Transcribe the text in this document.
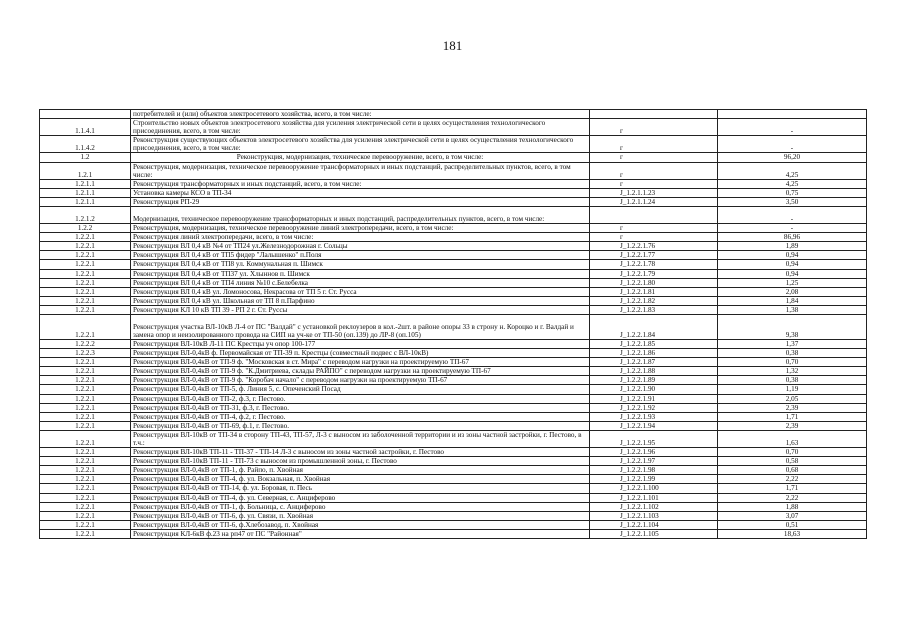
181
	потребителей и (или) объектов электросетевого хозяйства, всего, в том числе:		
1.1.4.1	Строительство новых объектов электросетевого хозяйства для усиления электрической сети в целях осуществления технологического присоединения, всего, в том числе:	г	-
1.1.4.2	Реконструкция существующих объектов электросетевого хозяйства для усиления электрической сети в целях осуществления технологического присоединения, всего, в том числе:	г	-
1.2	Реконструкция, модернизация, техническое перевооружение, всего, в том числе:	г	96,20
1.2.1	Реконструкция, модернизация, техническое перевооружение трансформаторных и иных подстанций, распределительных пунктов, всего, в том числе:	г	4,25
1.2.1.1	Реконструкция трансформаторных и иных подстанций, всего, в том числе:	г	4,25
1.2.1.1	Установка камеры КСО в ТП-34	J_1.2.1.1.23	0,75
1.2.1.1	Реконструкция РП-29	J_1.2.1.1.24	3,50
1.2.1.2	Модернизация, техническое перевооружение трансформаторных и иных подстанций, распределительных пунктов, всего, в том числе:		-
1.2.2	Реконструкция, модернизация, техническое перевооружение линий электропередачи, всего, в том числе:	г	-
1.2.2.1	Реконструкция линий электропередачи, всего, в том числе:	г	86,96
1.2.2.1	Реконструкция ВЛ 0,4 кВ №4 от ТП24 ул.Железнодорожная г. Сольцы	J_1.2.2.1.76	1,89
1.2.2.1	Реконструкция ВЛ 0,4 кВ от ТП5 фидер "Лалышенко" п.Поля	J_1.2.2.1.77	0,94
1.2.2.1	Реконструкция ВЛ 0,4 кВ от ТП8 ул. Коммунальная п. Шимск	J_1.2.2.1.78	0,94
1.2.2.1	Реконструкция ВЛ 0,4 кВ от ТП37 ул. Хлыннов п. Шимск	J_1.2.2.1.79	0,94
1.2.2.1	Реконструкция ВЛ 0,4 кВ от ТП4 линия №10 с.Белебелка	J_1.2.2.1.80	1,25
1.2.2.1	Реконструкция ВЛ 0,4 кВ ул. Ломоносова, Некрасова от ТП 5 г. Ст. Русса	J_1.2.2.1.81	2,08
1.2.2.1	Реконструкция ВЛ 0,4 кВ ул. Школьная от ТП 8 п.Парфино	J_1.2.2.1.82	1,84
1.2.2.1	Реконструкция КЛ 10 кВ ТП 39 - РП 2 г. Ст. Руссы	J_1.2.2.1.83	1,38
1.2.2.1	Реконструкция участка ВЛ-10кВ Л-4 от ПС "Валдай" с установкой реклоузеров в кол.-2шт. в районе опоры 33 в строну н. Короцко и г. Валдай и замена опор и неизолированного провода на СИП на уч-ке от ТП-50 (оп.139) до ЛР-8 (оп.105)	J_1.2.2.1.84	9,38
1.2.2.2	Реконструкция ВЛ-10кВ Л-11 ПС Крестцы уч опор 100-177	J_1.2.2.1.85	1,37
1.2.2.3	Реконструкция ВЛ-0,4кВ ф. Первомайская от ТП-39 п. Крестцы (совместный подвес с ВЛ-10кВ)	J_1.2.2.1.86	0,38
1.2.2.1	Реконструкция ВЛ-0,4кВ от ТП-9 ф. "Московская в ст. Мира" с переводом нагрузки на проектируемую ТП-67	J_1.2.2.1.87	0,70
1.2.2.1	Реконструкция ВЛ-0,4кВ от ТП-9 ф. "К.Дмитриева, склады РАЙПО" с переводом нагрузки на проектируемую ТП-67	J_1.2.2.1.88	1,32
1.2.2.1	Реконструкция ВЛ-0,4кВ от ТП-9 ф. "Коробач начало" с переводом нагрузки на проектируемую ТП-67	J_1.2.2.1.89	0,38
1.2.2.1	Реконструкция ВЛ-0,4кВ от ТП-5, ф. Линия 5, с. Опеченский Посад	J_1.2.2.1.90	1,19
1.2.2.1	Реконструкция ВЛ-0,4кВ от ТП-2, ф.3, г. Пестово.	J_1.2.2.1.91	2,05
1.2.2.1	Реконструкция ВЛ-0,4кВ от ТП-31, ф.3, г. Пестово.	J_1.2.2.1.92	2,39
1.2.2.1	Реконструкция ВЛ-0,4кВ от ТП-4, ф.2, г. Пестово.	J_1.2.2.1.93	1,71
1.2.2.1	Реконструкция ВЛ-0,4кВ от ТП-69, ф.1, г. Пестово.	J_1.2.2.1.94	2,39
1.2.2.1	Реконструкция ВЛ-10кВ от ТП-34 в сторону ТП-43, ТП-57, Л-3 с выносом из заболоченной территории и из зоны частной застройки, г. Пестово, в т.ч.:	J_1.2.2.1.95	1,63
1.2.2.1	Реконструкция ВЛ-10кВ ТП-11 - ТП-37 - ТП-14 Л-3 с выносом из зоны частной застройки, г. Пестово	J_1.2.2.1.96	0,70
1.2.2.1	Реконструкция ВЛ-10кВ ТП-11 - ТП-73 с выносом из промышленной зоны, г. Пестово	J_1.2.2.1.97	0,58
1.2.2.1	Реконструкция ВЛ-0,4кВ от ТП-1, ф. Райпо, п. Хвойная	J_1.2.2.1.98	0,68
1.2.2.1	Реконструкция ВЛ-0,4кВ от ТП-4, ф. ул. Вокзальная, п. Хвойная	J_1.2.2.1.99	2,22
1.2.2.1	Реконструкция ВЛ-0,4кВ от ТП-14, ф. ул. Боровая, п. Песь	J_1.2.2.1.100	1,71
1.2.2.1	Реконструкция ВЛ-0,4кВ от ТП-4, ф. ул. Северная, с. Анциферово	J_1.2.2.1.101	2,22
1.2.2.1	Реконструкция ВЛ-0,4кВ от ТП-1, ф. Больница, с. Анциферово	J_1.2.2.1.102	1,88
1.2.2.1	Реконструкция ВЛ-0,4кВ от ТП-6, ф. ул. Связи, п. Хвойная	J_1.2.2.1.103	3,07
1.2.2.1	Реконструкция ВЛ-0,4кВ от ТП-6, ф.Хлебозавод, п. Хвойная	J_1.2.2.1.104	0,51
1.2.2.1	Реконструкция КЛ-6кВ ф.23 на рп47 от ПС "Районная"	J_1.2.2.1.105	18,63
